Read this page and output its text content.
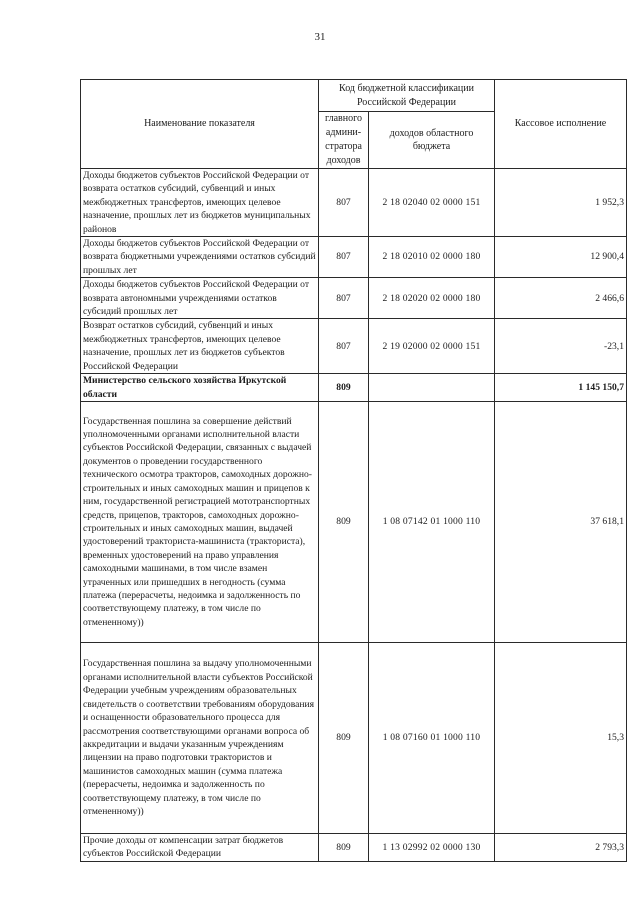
31
Наименование показателя	Код бюджетной классификации Российской Федерации		Кассовое исполнение
	главного админи-стратора доходов	доходов областного бюджета	
Доходы бюджетов субъектов Российской Федерации от возврата остатков субсидий, субвенций и иных межбюджетных трансфертов, имеющих целевое назначение, прошлых лет из бюджетов муниципальных районов	807	2 18 02040 02 0000 151	1 952,3
Доходы бюджетов субъектов Российской Федерации от возврата бюджетными учреждениями остатков субсидий прошлых лет	807	2 18 02010 02 0000 180	12 900,4
Доходы бюджетов субъектов Российской Федерации от возврата автономными учреждениями остатков субсидий прошлых лет	807	2 18 02020 02 0000 180	2 466,6
Возврат остатков субсидий, субвенций и иных межбюджетных трансфертов, имеющих целевое назначение, прошлых лет из бюджетов субъектов Российской Федерации	807	2 19 02000 02 0000 151	-23,1
Министерство сельского хозяйства Иркутской области	809		1 145 150,7
Государственная пошлина за совершение действий уполномоченными органами исполнительной власти субъектов Российской Федерации, связанных с выдачей документов о проведении государственного технического осмотра тракторов, самоходных дорожно-строительных и иных самоходных машин и прицепов к ним, государственной регистрацией мототранспортных средств, прицепов, тракторов, самоходных дорожно-строительных и иных самоходных машин, выдачей удостоверений тракториста-машиниста (тракториста), временных удостоверений на право управления самоходными машинами, в том числе взамен утраченных или пришедших в негодность (сумма платежа (перерасчеты, недоимка и задолженность по соответствующему платежу, в том числе по отмененному))	809	1 08 07142 01 1000 110	37 618,1
Государственная пошлина за выдачу уполномоченными органами исполнительной власти субъектов Российской Федерации учебным учреждениям образовательных свидетельств о соответствии требованиям оборудования и оснащенности образовательного процесса для рассмотрения соответствующими органами вопроса об аккредитации и выдачи указанным учреждениям лицензии на право подготовки трактористов и машинистов самоходных машин (сумма платежа (перерасчеты, недоимка и задолженность по соответствующему платежу, в том числе по отмененному))	809	1 08 07160 01 1000 110	15,3
Прочие доходы от компенсации затрат бюджетов субъектов Российской Федерации	809	1 13 02992 02 0000 130	2 793,3
